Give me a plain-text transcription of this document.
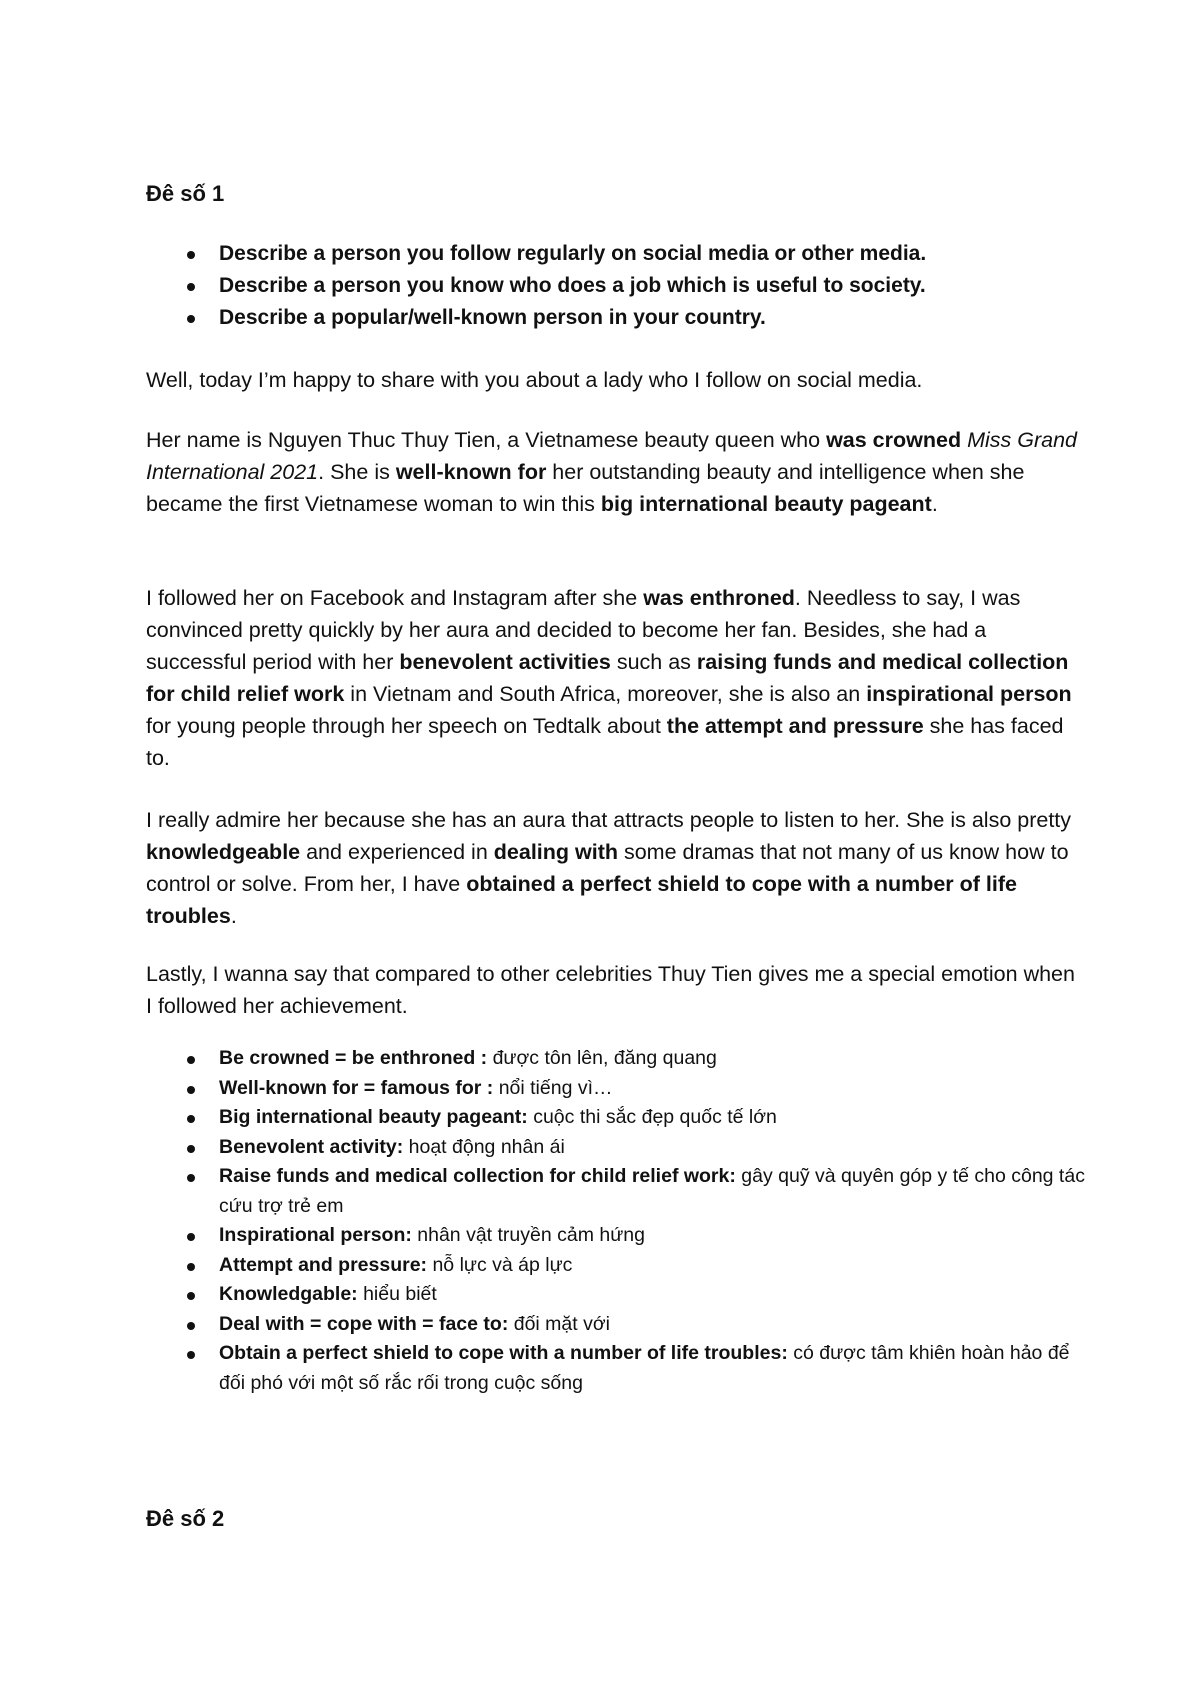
Đê số 1
Describe a person you follow regularly on social media or other media.
Describe a person you know who does a job which is useful to society.
Describe a popular/well-known person in your country.

Well, today I’m happy to share with you about a lady who I follow on social media.

Her name is Nguyen Thuc Thuy Tien, a Vietnamese beauty queen who was crowned Miss Grand International 2021. She is well-known for her outstanding beauty and intelligence when she became the first Vietnamese woman to win this big international beauty pageant.

I followed her on Facebook and Instagram after she was enthroned. Needless to say, I was convinced pretty quickly by her aura and decided to become her fan. Besides, she had a successful period with her benevolent activities such as raising funds and medical collection for child relief work in Vietnam and South Africa, moreover, she is also an inspirational person for young people through her speech on Tedtalk about the attempt and pressure she has faced to.

I really admire her because she has an aura that attracts people to listen to her. She is also pretty knowledgeable and experienced in dealing with some dramas that not many of us know how to control or solve. From her, I have obtained a perfect shield to cope with a number of life troubles.

Lastly, I wanna say that compared to other celebrities Thuy Tien gives me a special emotion when I followed her achievement.

Be crowned = be enthroned : được tôn lên, đăng quang
Well-known for = famous for : nổi tiếng vì…
Big international beauty pageant: cuộc thi sắc đẹp quốc tế lớn
Benevolent activity: hoạt động nhân ái
Raise funds and medical collection for child relief work: gây quỹ và quyên góp y tế cho công tác cứu trợ trẻ em
Inspirational person: nhân vật truyền cảm hứng
Attempt and pressure: nỗ lực và áp lực
Knowledgable: hiểu biết
Deal with = cope with = face to: đối mặt với
Obtain a perfect shield to cope with a number of life troubles: có được tâm khiên hoàn hảo để đối phó với một số rắc rối trong cuộc sống
Đê số 2
